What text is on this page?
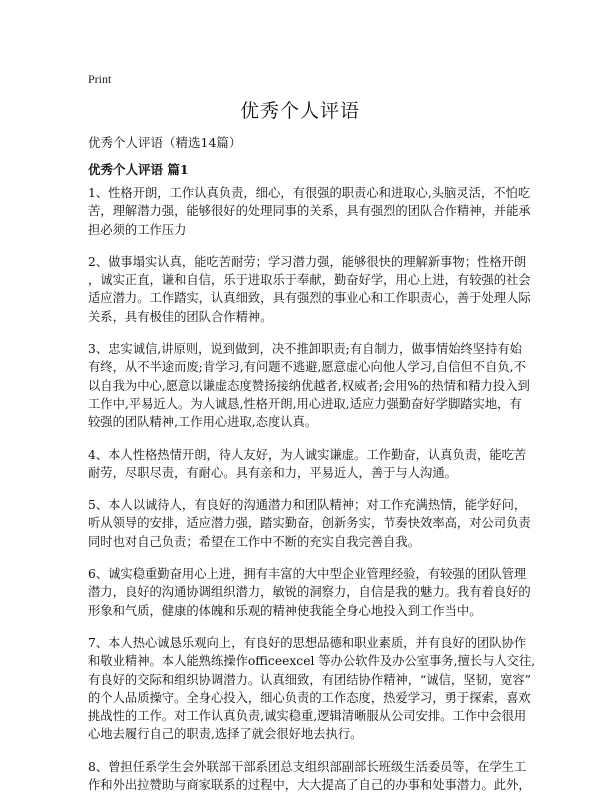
Print
优秀个人评语
优秀个人评语（精选14篇）
优秀个人评语 篇1

1、性格开朗，工作认真负责，细心，有很强的职责心和进取心,头脑灵活，不怕吃
苦，理解潜力强，能够很好的处理同事的关系，具有强烈的团队合作精神，并能承
担必须的工作压力

2、做事塌实认真，能吃苦耐劳；学习潜力强，能够很快的理解新事物；性格开朗
，诚实正直，谦和自信，乐于进取乐于奉献，勤奋好学，用心上进，有较强的社会
适应潜力。工作踏实，认真细致，具有强烈的事业心和工作职责心，善于处理人际
关系，具有极佳的团队合作精神。

3、忠实诚信,讲原则，说到做到，决不推卸职责;有自制力，做事情始终坚持有始
有终，从不半途而废;肯学习,有问题不逃避,愿意虚心向他人学习,自信但不自负,不
以自我为中心,愿意以谦虚态度赞扬接纳优越者,权威者;会用%的热情和精力投入到
工作中,平易近人。为人诚恳,性格开朗,用心进取,适应力强勤奋好学脚踏实地，有
较强的团队精神,工作用心进取,态度认真。

4、本人性格热情开朗，待人友好，为人诚实谦虚。工作勤奋，认真负责，能吃苦
耐劳，尽职尽责，有耐心。具有亲和力，平易近人，善于与人沟通。

5、本人以诚待人，有良好的沟通潜力和团队精神；对工作充满热情，能学好问，
听从领导的安排，适应潜力强，踏实勤奋，创新务实，节奏快效率高，对公司负责
同时也对自己负责；希望在工作中不断的充实自我完善自我。

6、诚实稳重勤奋用心上进，拥有丰富的大中型企业管理经验，有较强的团队管理
潜力，良好的沟通协调组织潜力，敏锐的洞察力，自信是我的魅力。我有着良好的
形象和气质，健康的体魄和乐观的精神使我能全身心地投入到工作当中。

7、本人热心诚恳乐观向上，有良好的思想品德和职业素质，并有良好的团队协作
和敬业精神。本人能熟练操作officeexcel 等办公软件及办公室事务,擅长与人交往,
有良好的交际和组织协调潜力。认真细致，有团结协作精神，“诚信，坚韧，宽容”
的个人品质操守。全身心投入，细心负责的工作态度，热爱学习，勇于探索，喜欢
挑战性的工作。对工作认真负责,诚实稳重,逻辑清晰服从公司安排。工作中会很用
心地去履行自己的职责,选择了就会很好地去执行。

8、曾担任系学生会外联部干部系团总支组织部副部长班级生活委员等，在学生工
作和外出拉赞助与商家联系的过程中，大大提高了自己的办事和处事潜力。此外，
